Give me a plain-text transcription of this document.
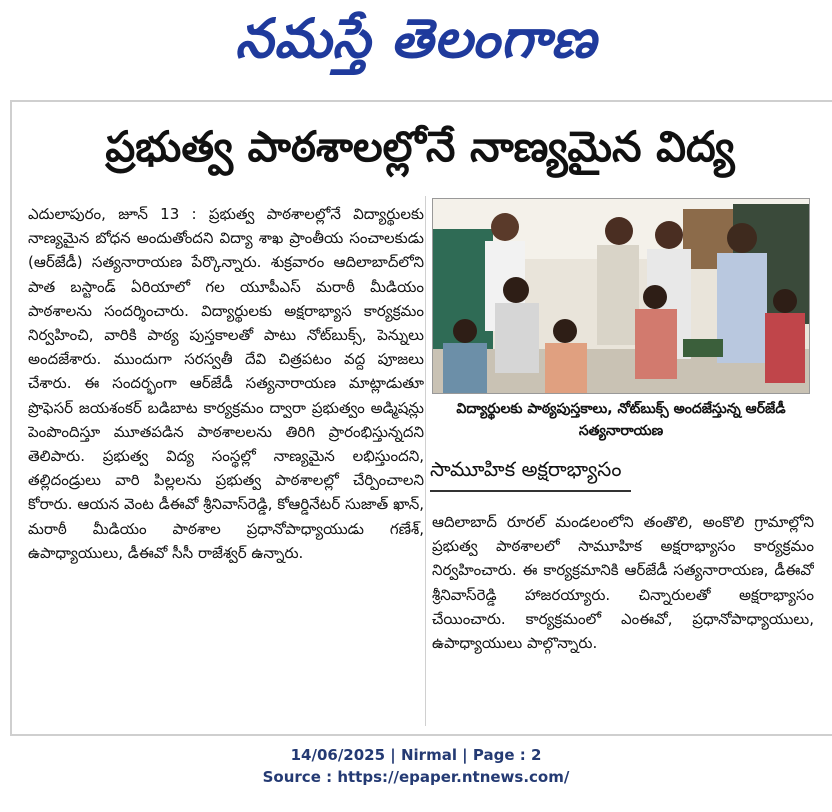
నమస్తే తెలంగాణ
ప్రభుత్వ పాఠశాలల్లోనే నాణ్యమైన విద్య

ఎదులాపురం, జూన్ 13 : ప్రభుత్వ పాఠశాలల్లోనే విద్యార్థులకు నాణ్యమైన బోధన అందుతోందని విద్యా శాఖ ప్రాంతీయ సంచాలకుడు (ఆర్‌జేడీ) సత్యనారాయణ పేర్కొన్నారు. శుక్రవారం ఆదిలాబాద్‌లోని పాత బస్టాండ్ ఏరియాలో గల యూపీఎస్ మరాఠీ మీడియం పాఠశాలను సందర్శించారు. విద్యార్థులకు అక్షరాభ్యాస కార్యక్రమం నిర్వహించి, వారికి పాఠ్య పుస్తకాలతో పాటు నోట్‌బుక్స్, పెన్నులు అందజేశారు. ముందుగా సరస్వతీ దేవి చిత్రపటం వద్ద పూజలు చేశారు. ఈ సందర్భంగా ఆర్‌జేడీ సత్యనారాయణ మాట్లాడుతూ ప్రొఫెసర్ జయశంకర్ బడిబాట కార్యక్రమం ద్వారా ప్రభుత్వం అడ్మిషన్లు పెంపొందిస్తూ మూతపడిన పాఠశాలలను తిరిగి ప్రారంభిస్తున్నదని తెలిపారు. ప్రభుత్వ విద్య సంస్థల్లో నాణ్యమైన లభిస్తుందని, తల్లిదండ్రులు వారి పిల్లలను ప్రభుత్వ పాఠశాలల్లో చేర్పించాలని కోరారు. ఆయన వెంట డీఈవో శ్రీనివాస్‌రెడ్డి, కోఆర్డినేటర్ సుజాత్ ఖాన్, మరాఠీ మీడియం పాఠశాల ప్రధానోపాధ్యాయుడు గణేశ్, ఉపాధ్యాయులు, డీఈవో సీసీ రాజేశ్వర్ ఉన్నారు.

విద్యార్థులకు పాఠ్యపుస్తకాలు, నోట్‌బుక్స్ అందజేస్తున్న ఆర్‌జేడీ సత్యనారాయణ
సామూహిక అక్షరాభ్యాసం

ఆదిలాబాద్ రూరల్ మండలంలోని తంతొలి, అంకొలి గ్రామాల్లోని ప్రభుత్వ పాఠశాలలో సామూహిక అక్షరాభ్యాసం కార్యక్రమం నిర్వహించారు. ఈ కార్యక్రమానికి ఆర్‌జేడీ సత్యనారాయణ, డీఈవో శ్రీనివాస్‌రెడ్డి హాజరయ్యారు. చిన్నారులతో అక్షరాభ్యాసం చేయించారు. కార్యక్రమంలో ఎంఈవో, ప్రధానోపాధ్యాయులు, ఉపాధ్యాయులు పాల్గొన్నారు.

14/06/2025 | Nirmal | Page : 2
Source : https://epaper.ntnews.com/
